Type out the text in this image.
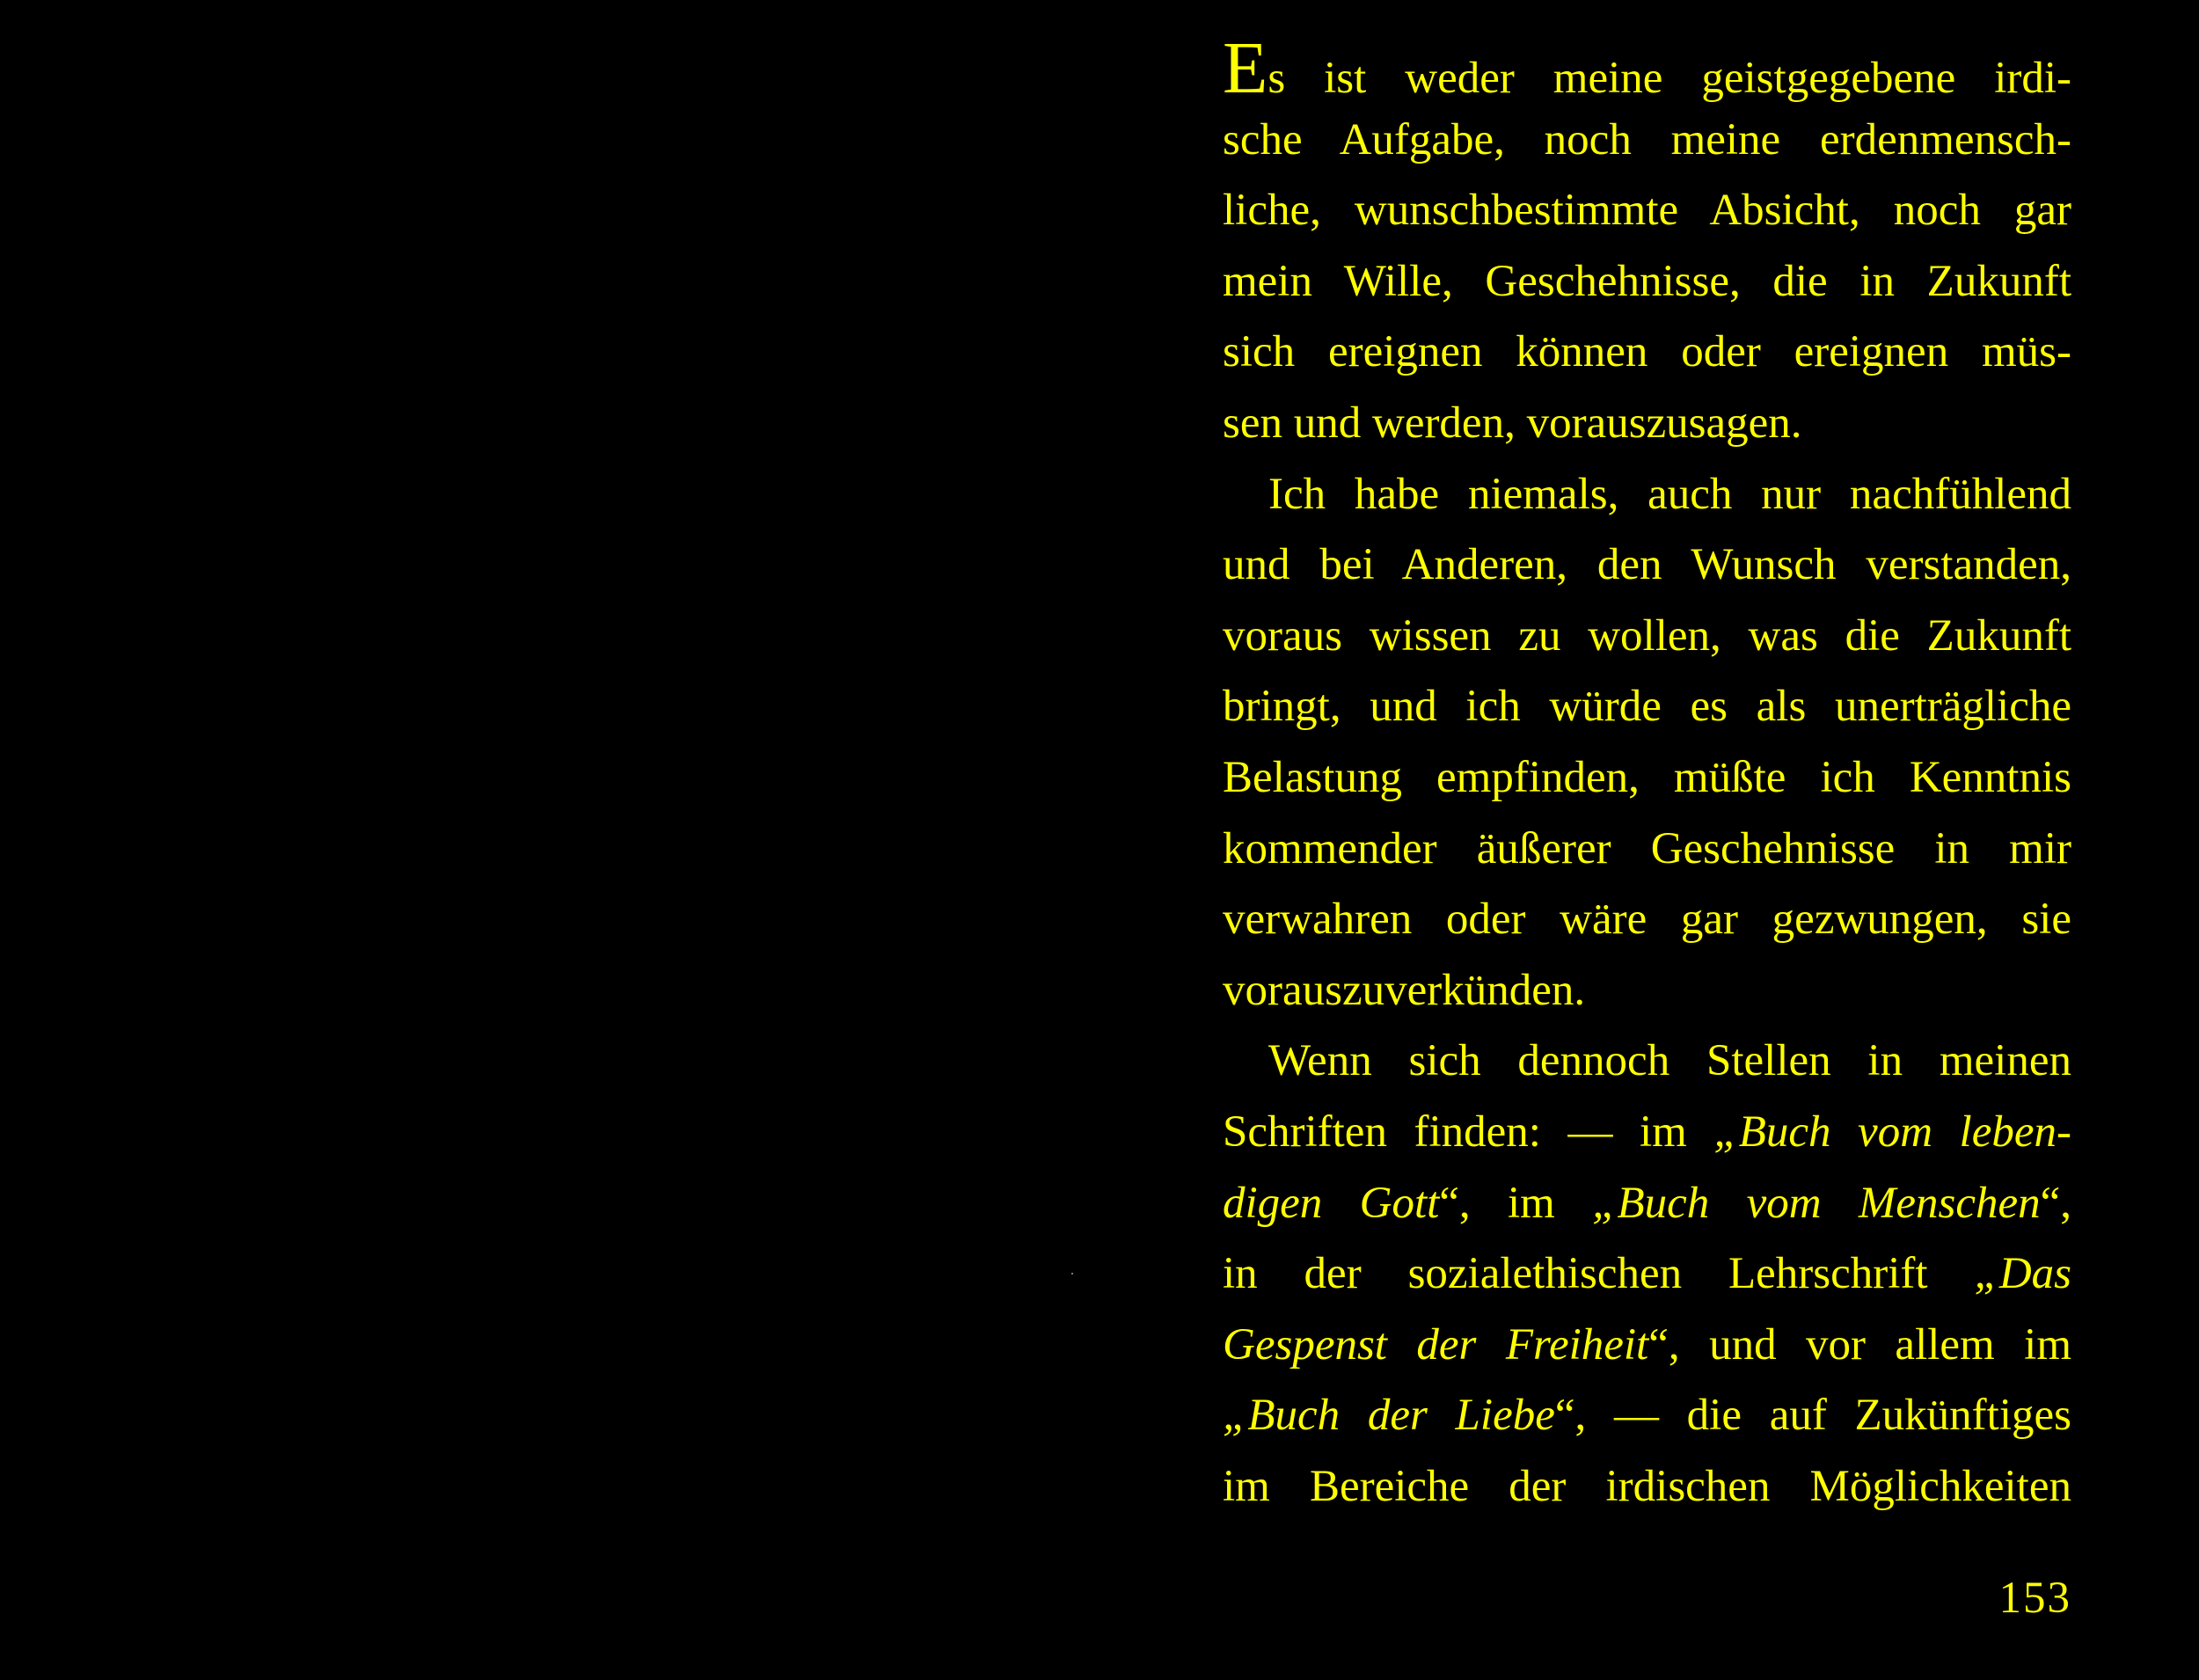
Es ist weder meine geistgegebene irdi-
sche Aufgabe, noch meine erdenmensch-
liche, wunschbestimmte Absicht, noch gar
mein Wille, Geschehnisse, die in Zukunft
sich ereignen können oder ereignen müs-
sen und werden, vorauszusagen.
Ich habe niemals, auch nur nachfühlend
und bei Anderen, den Wunsch verstanden,
voraus wissen zu wollen, was die Zukunft
bringt, und ich würde es als unerträgliche
Belastung empfinden, müßte ich Kenntnis
kommender äußerer Geschehnisse in mir
verwahren oder wäre gar gezwungen, sie
vorauszuverkünden.
Wenn sich dennoch Stellen in meinen
Schriften finden: — im „Buch vom leben-
digen Gott“, im „Buch vom Menschen“,
in der sozialethischen Lehrschrift „Das
Gespenst der Freiheit“, und vor allem im
„Buch der Liebe“, — die auf Zukünftiges
im Bereiche der irdischen Möglichkeiten
153
